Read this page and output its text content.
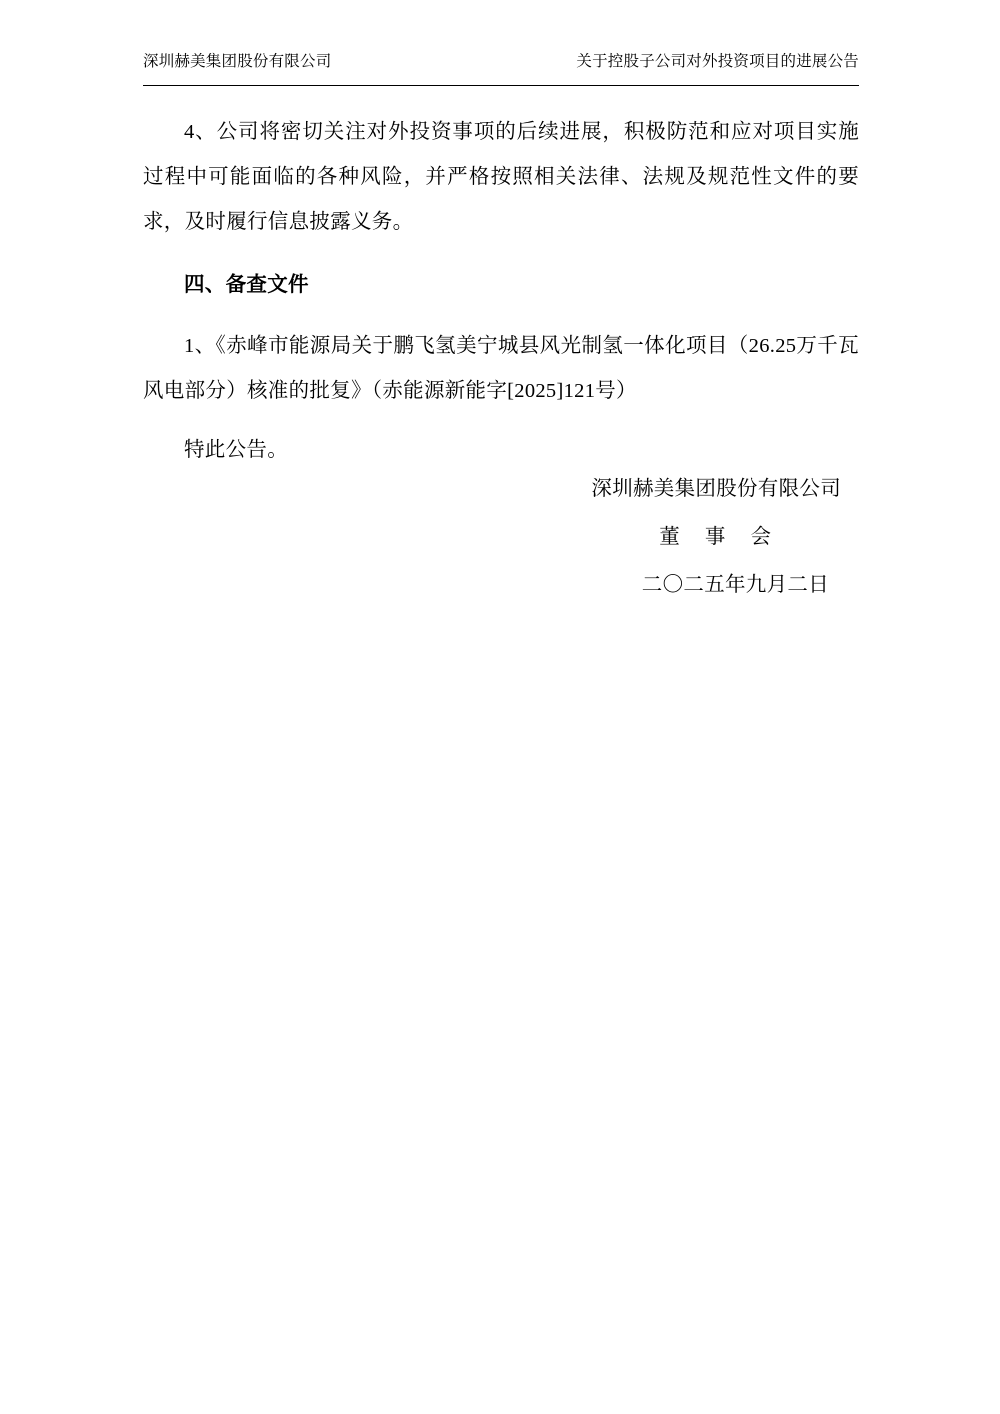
深圳赫美集团股份有限公司	关于控股子公司对外投资项目的进展公告

4、公司将密切关注对外投资事项的后续进展，积极防范和应对项目实施过程中可能面临的各种风险，并严格按照相关法律、法规及规范性文件的要求，及时履行信息披露义务。

四、备查文件

1、《赤峰市能源局关于鹏飞氢美宁城县风光制氢一体化项目（26.25万千瓦风电部分）核准的批复》（赤能源新能字[2025]121号）

特此公告。

深圳赫美集团股份有限公司
董 事 会
二〇二五年九月二日
